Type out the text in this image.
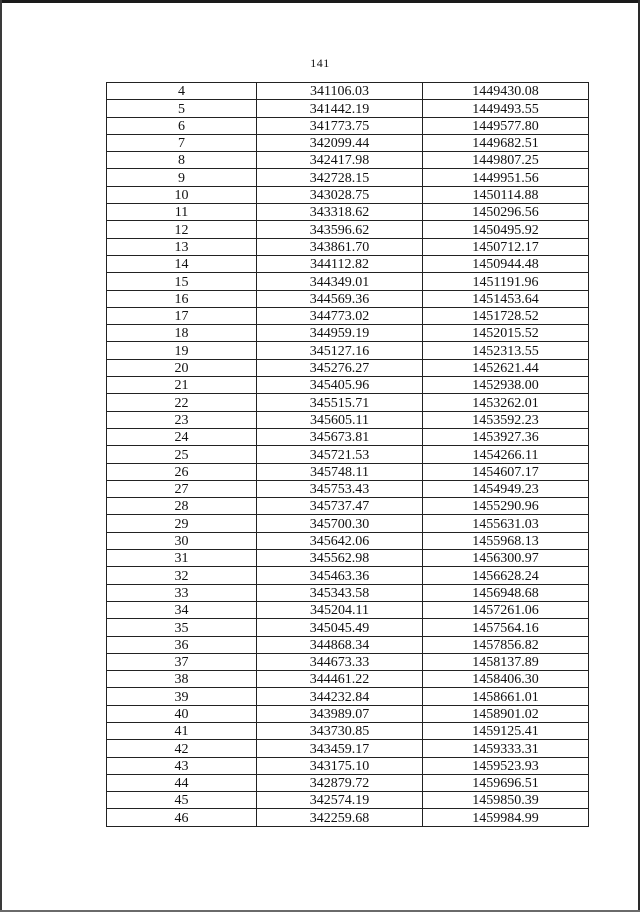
141
4	341106.03	1449430.08
5	341442.19	1449493.55
6	341773.75	1449577.80
7	342099.44	1449682.51
8	342417.98	1449807.25
9	342728.15	1449951.56
10	343028.75	1450114.88
11	343318.62	1450296.56
12	343596.62	1450495.92
13	343861.70	1450712.17
14	344112.82	1450944.48
15	344349.01	1451191.96
16	344569.36	1451453.64
17	344773.02	1451728.52
18	344959.19	1452015.52
19	345127.16	1452313.55
20	345276.27	1452621.44
21	345405.96	1452938.00
22	345515.71	1453262.01
23	345605.11	1453592.23
24	345673.81	1453927.36
25	345721.53	1454266.11
26	345748.11	1454607.17
27	345753.43	1454949.23
28	345737.47	1455290.96
29	345700.30	1455631.03
30	345642.06	1455968.13
31	345562.98	1456300.97
32	345463.36	1456628.24
33	345343.58	1456948.68
34	345204.11	1457261.06
35	345045.49	1457564.16
36	344868.34	1457856.82
37	344673.33	1458137.89
38	344461.22	1458406.30
39	344232.84	1458661.01
40	343989.07	1458901.02
41	343730.85	1459125.41
42	343459.17	1459333.31
43	343175.10	1459523.93
44	342879.72	1459696.51
45	342574.19	1459850.39
46	342259.68	1459984.99
